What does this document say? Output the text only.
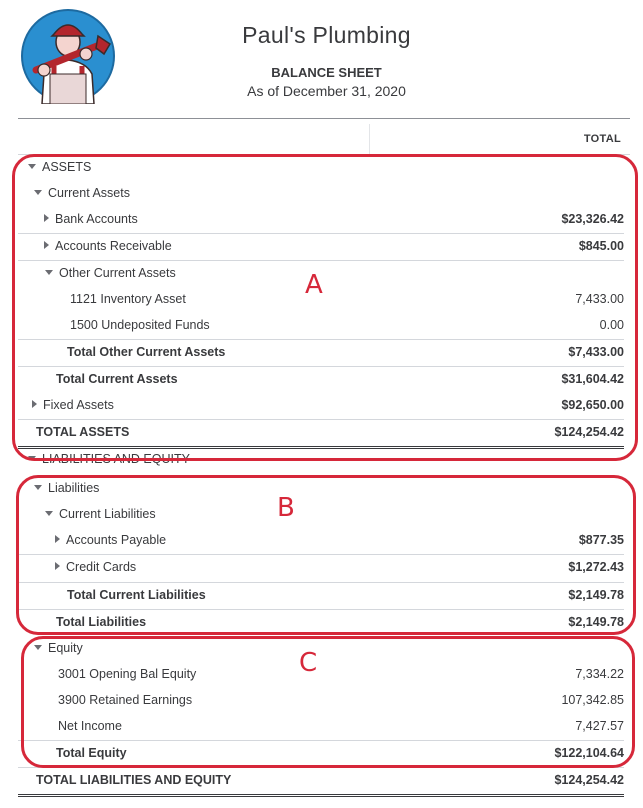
Paul's Plumbing
BALANCE SHEET
As of December 31, 2020
TOTAL
ASSETS
Current Assets
Bank Accounts	$23,326.42
Accounts Receivable	$845.00
Other Current Assets
1121 Inventory Asset	7,433.00
1500 Undeposited Funds	0.00
Total Other Current Assets	$7,433.00
Total Current Assets	$31,604.42
Fixed Assets	$92,650.00
TOTAL ASSETS	$124,254.42
LIABILITIES AND EQUITY
Liabilities
Current Liabilities
Accounts Payable	$877.35
Credit Cards	$1,272.43
Total Current Liabilities	$2,149.78
Total Liabilities	$2,149.78
Equity
3001 Opening Bal Equity	7,334.22
3900 Retained Earnings	107,342.85
Net Income	7,427.57
Total Equity	$122,104.64
TOTAL LIABILITIES AND EQUITY	$124,254.42
A
B
C
